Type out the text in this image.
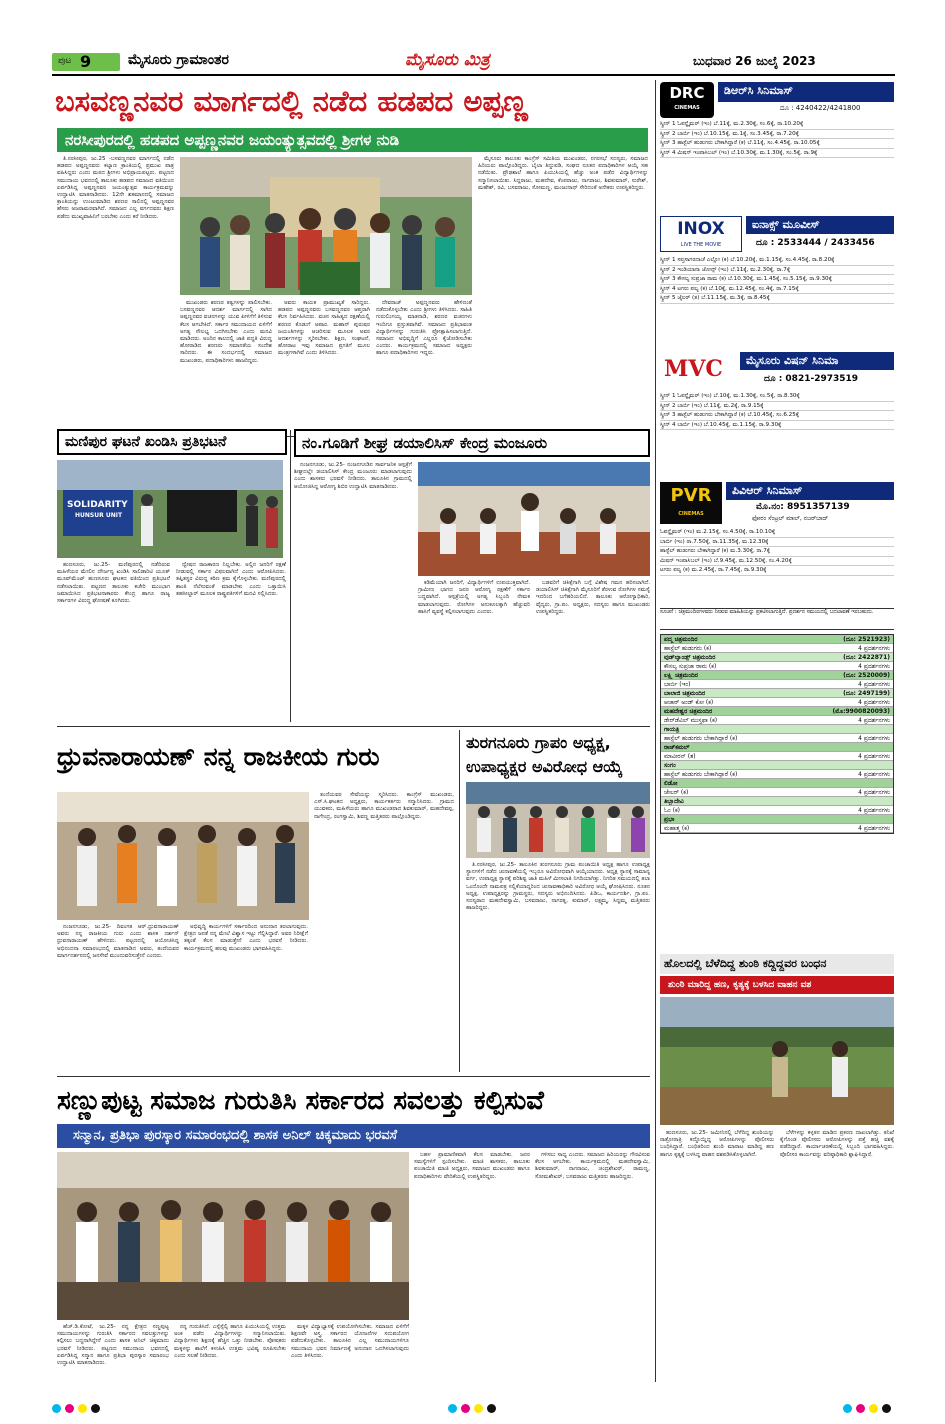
ಪುಟ 9	ಮೈಸೂರು ಗ್ರಾಮಾಂತರ	ಮೈಸೂರು ಮಿತ್ರ	ಬುಧವಾರ 26 ಜುಲೈ 2023
ಬಸವಣ್ಣನವರ ಮಾರ್ಗದಲ್ಲಿ ನಡೆದ ಹಡಪದ ಅಪ್ಪಣ್ಣ
ನರಸೀಪುರದಲ್ಲಿ ಹಡಪದ ಅಪ್ಪಣ್ಣನವರ ಜಯಂತ್ಯುತ್ಸವದಲ್ಲಿ ಶ್ರೀಗಳ ನುಡಿ

ತಿ.ನರಸೀಪುರ, ಜು.25 -ಬಸವಣ್ಣನವರ ಮಾರ್ಗದಲ್ಲಿ ನಡೆದ ಹಡಪದ ಅಪ್ಪಣ್ಣನವರು ಕಲ್ಯಾಣ ಕ್ರಾಂತಿಯಲ್ಲಿ ಪ್ರಮುಖ ಪಾತ್ರ ವಹಿಸಿದ್ದರು ಎಂದು ಮಠದ ಶ್ರೀಗಳು ಅಭಿಪ್ರಾಯಪಟ್ಟರು. ಪಟ್ಟಣದ ಸಮುದಾಯ ಭವನದಲ್ಲಿ ತಾಲೂಕು ಹಡಪದ ಸಮಾಜದ ವತಿಯಿಂದ ಏರ್ಪಡಿಸಿದ್ದ ಅಪ್ಪಣ್ಣನವರ ಜಯಂತ್ಯುತ್ಸವ ಕಾರ್ಯಕ್ರಮವನ್ನು ಉದ್ಘಾಟಿಸಿ ಮಾತನಾಡಿದರು. 12ನೇ ಶತಮಾನದಲ್ಲಿ ಸಮಾಜದ ಕ್ರಾಂತಿಯನ್ನು ಉಂಟುಮಾಡಿದ ಶರಣರ ಸಾಲಿನಲ್ಲಿ ಅಪ್ಪಣ್ಣನವರ ಹೆಸರು ಅಜರಾಮರವಾಗಿದೆ. ಸಮಾಜದ ಎಲ್ಲ ವರ್ಗದವರು ಶಿಕ್ಷಣ ಪಡೆದು ಮುಖ್ಯವಾಹಿನಿಗೆ ಬರಬೇಕು ಎಂದು ಕರೆ ನೀಡಿದರು.

ಮುಖಂಡರು ಶರಣರ ತತ್ವಗಳನ್ನು ಪಾಲಿಸಬೇಕು. ಬಸವಣ್ಣನವರ ಆದರ್ಶ ಮಾರ್ಗದಲ್ಲಿ ಸಾಗಿದ ಅಪ್ಪಣ್ಣನವರ ವಚನಗಳನ್ನು ಯುವ ಪೀಳಿಗೆಗೆ ತಿಳಿಸುವ ಕೆಲಸ ಆಗಬೇಕಿದೆ. ಸರ್ಕಾರ ಸಮುದಾಯದ ಏಳಿಗೆಗೆ ಅಗತ್ಯ ಸೌಲಭ್ಯ ಒದಗಿಸಬೇಕು ಎಂದು ಮನವಿ ಮಾಡಿದರು. ಅಂದಿನ ಕಾಲದಲ್ಲಿ ಜಾತಿ ಪದ್ಧತಿ ವಿರುದ್ಧ ಹೋರಾಡಿದ ಶರಣರು ಸಮಾನತೆಯ ಸಂದೇಶ ಸಾರಿದರು. ಈ ಸಂದರ್ಭದಲ್ಲಿ ಸಮಾಜದ ಮುಖಂಡರು, ಪದಾಧಿಕಾರಿಗಳು ಹಾಜರಿದ್ದರು.

ಅವರು ಕಾಯಕ ಪ್ರಾಮುಖ್ಯತೆ ಸಾರಿದ್ದರು. ಹಡಪದ ಅಪ್ಪಣ್ಣನವರು ಬಸವಣ್ಣನವರ ಆಪ್ತರಾಗಿ ಕೆಲಸ ನಿರ್ವಹಿಸಿದರು. ವಚನ ಸಾಹಿತ್ಯದ ರಕ್ಷಣೆಯಲ್ಲಿ ಶರಣರ ಕೊಡುಗೆ ಅಪಾರ. ಮಹಾನ್ ಪುರುಷರ ಜಯಂತಿಗಳನ್ನು ಆಚರಿಸುವ ಮೂಲಕ ಅವರ ಆದರ್ಶಗಳನ್ನು ಸ್ಮರಿಸಬೇಕು. ಶಿಕ್ಷಣ, ಸಂಘಟನೆ, ಹೋರಾಟ ಇವು ಸಮಾಜದ ಪ್ರಗತಿಗೆ ಮೂಲ ಮಂತ್ರಗಳಾಗಿವೆ ಎಂದು ತಿಳಿಸಿದರು.

ದೇವರಾಜ್ ಅಪ್ಪಣ್ಣನವರು ಹೇಳಿದಂತೆ ನಡೆದುಕೊಳ್ಳಬೇಕು ಎಂದು ಶ್ರೀಗಳು ತಿಳಿಸಿದರು. ಸಾಹಿತಿ ಗುರುಲಿಂಗಯ್ಯ ಮಾತನಾಡಿ, ಶರಣರ ವಚನಗಳು ಇಂದಿಗೂ ಪ್ರಸ್ತುತವಾಗಿವೆ. ಸಮಾಜದ ಪ್ರತಿಭಾವಂತ ವಿದ್ಯಾರ್ಥಿಗಳನ್ನು ಗುರುತಿಸಿ ಪ್ರೋತ್ಸಾಹಿಸಲಾಗುತ್ತಿದೆ. ಸಮಾಜದ ಅಭಿವೃದ್ಧಿಗೆ ಎಲ್ಲರೂ ಕೈಜೋಡಿಸಬೇಕು ಎಂದರು. ಕಾರ್ಯಕ್ರಮದಲ್ಲಿ ಸಮಾಜದ ಅಧ್ಯಕ್ಷರು ಹಾಗೂ ಪದಾಧಿಕಾರಿಗಳು ಇದ್ದರು.

ಮೈಸೂರು ತಾಲೂಕು ಕಾಂಗ್ರೆಸ್ ಸಮಿತಿಯ ಮುಖಂಡರು, ನಗರಸಭೆ ಸದಸ್ಯರು, ಸಮಾಜದ ಹಿರಿಯರು ಪಾಲ್ಗೊಂಡಿದ್ದರು. ಬೈಲಾ ತಿದ್ದುಪಡಿ, ಸಂಘದ ನೂತನ ಪದಾಧಿಕಾರಿಗಳ ಆಯ್ಕೆ ಸಹ ನಡೆಯಿತು. ಪ್ರೌಢಶಾಲೆ ಹಾಗೂ ಪಿಯುಸಿಯಲ್ಲಿ ಹೆಚ್ಚು ಅಂಕ ಪಡೆದ ವಿದ್ಯಾರ್ಥಿಗಳನ್ನು ಸನ್ಮಾನಿಸಲಾಯಿತು. ಸಿದ್ದರಾಜು, ಮಹದೇವ, ಕೆಂಪರಾಜು, ನಾಗರಾಜು, ಶಿವಕುಮಾರ್, ಸುರೇಶ್, ಮಹೇಶ್, ರವಿ, ಬಸವರಾಜು, ಸೋಮಣ್ಣ, ಮಂಜುನಾಥ್ ಸೇರಿದಂತೆ ಅನೇಕರು ಉಪಸ್ಥಿತರಿದ್ದರು.

ಮಣಿಪುರ ಘಟನೆ ಖಂಡಿಸಿ ಪ್ರತಿಭಟನೆ
SOLIDARITY
HUNSUR UNIT

ಹುಣಸೂರು, ಜು.25- ಮಣಿಪುರದಲ್ಲಿ ನಡೆದಿರುವ ಮಹಿಳೆಯರ ಮೇಲಿನ ದೌರ್ಜನ್ಯ ಖಂಡಿಸಿ ಸಾಲಿಡಾರಿಟಿ ಯೂತ್ ಮೂವ್‌ಮೆಂಟ್ ಹುಣಸೂರು ಘಟಕದ ವತಿಯಿಂದ ಪ್ರತಿಭಟನೆ ನಡೆಸಲಾಯಿತು. ಪಟ್ಟಣದ ತಾಲೂಕು ಕಚೇರಿ ಮುಂಭಾಗ ಜಮಾಯಿಸಿದ ಪ್ರತಿಭಟನಾಕಾರರು ಕೇಂದ್ರ ಹಾಗೂ ರಾಜ್ಯ ಸರ್ಕಾರಗಳ ವಿರುದ್ಧ ಘೋಷಣೆ ಕೂಗಿದರು.

ದ್ವೇಷದ ರಾಜಕಾರಣ ನಿಲ್ಲಬೇಕು. ಅಲ್ಲಿನ ಜನರಿಗೆ ರಕ್ಷಣೆ ನೀಡುವಲ್ಲಿ ಸರ್ಕಾರ ವಿಫಲವಾಗಿದೆ ಎಂದು ಆರೋಪಿಸಿದರು. ತಪ್ಪಿತಸ್ಥರ ವಿರುದ್ಧ ಕಠಿಣ ಕ್ರಮ ಕೈಗೊಳ್ಳಬೇಕು. ಮಣಿಪುರದಲ್ಲಿ ಶಾಂತಿ ನೆಲೆಸುವಂತೆ ಮಾಡಬೇಕು ಎಂದು ಒತ್ತಾಯಿಸಿ ತಹಸೀಲ್ದಾರ್ ಮೂಲಕ ರಾಷ್ಟ್ರಪತಿಗಳಿಗೆ ಮನವಿ ಸಲ್ಲಿಸಿದರು.

ನಂ.ಗೂಡಿಗೆ ಶೀಘ್ರ ಡಯಾಲಿಸಿಸ್ ಕೇಂದ್ರ ಮಂಜೂರು

ನಂಜನಗೂಡು, ಜು.25- ನಂಜನಗೂಡಿನ ಸಾರ್ವಜನಿಕ ಆಸ್ಪತ್ರೆಗೆ ಶೀಘ್ರದಲ್ಲೇ ಡಯಾಲಿಸಿಸ್ ಕೇಂದ್ರ ಮಂಜೂರು ಮಾಡಲಾಗುವುದು ಎಂದು ಶಾಸಕರು ಭರವಸೆ ನೀಡಿದರು. ತಾಲೂಕಿನ ಗ್ರಾಮದಲ್ಲಿ ಆಯೋಜಿಸಿದ್ದ ಆರೋಗ್ಯ ಶಿಬಿರ ಉದ್ಘಾಟಿಸಿ ಮಾತನಾಡಿದರು.

ಕಡಿಮೆಯಾಗಿ ಜನರಿಗೆ, ವಿದ್ಯಾರ್ಥಿಗಳಿಗೆ ಉಪಯುಕ್ತವಾಗಿದೆ. ಗ್ರಾಮೀಣ ಭಾಗದ ಜನರ ಆರೋಗ್ಯ ರಕ್ಷಣೆಗೆ ಸರ್ಕಾರ ಬದ್ಧವಾಗಿದೆ. ಆಸ್ಪತ್ರೆಯಲ್ಲಿ ಅಗತ್ಯ ಸಿಬ್ಬಂದಿ ನೇಮಕ ಮಾಡಲಾಗುವುದು. ರೋಗಿಗಳ ಅನುಕೂಲಕ್ಕಾಗಿ ಹೆಚ್ಚುವರಿ ಹಾಸಿಗೆ ವ್ಯವಸ್ಥೆ ಕಲ್ಪಿಸಲಾಗುವುದು ಎಂದರು.

ಬಡವರಿಗೆ ಚಿಕಿತ್ಸೆಗಾಗಿ ಬಗ್ಗೆ ವಿಶೇಷ ಗಮನ ಹರಿಸಲಾಗಿದೆ. ಡಯಾಲಿಸಿಸ್ ಚಿಕಿತ್ಸೆಗಾಗಿ ಮೈಸೂರಿಗೆ ತೆರಳುವ ರೋಗಿಗಳ ಸಮಸ್ಯೆ ಇದರಿಂದ ಬಗೆಹರಿಯಲಿದೆ. ತಾಲೂಕು ಆರೋಗ್ಯಾಧಿಕಾರಿ, ವೈದ್ಯರು, ಗ್ರಾ.ಪಂ. ಅಧ್ಯಕ್ಷರು, ಸದಸ್ಯರು ಹಾಗೂ ಮುಖಂಡರು ಉಪಸ್ಥಿತರಿದ್ದರು.

ಧ್ರುವನಾರಾಯಣ್ ನನ್ನ ರಾಜಕೀಯ ಗುರು

ನಂಜನಗೂಡು, ಜು.25- ದಿವಂಗತ ಆರ್.ಧ್ರುವನಾರಾಯಣ್ ಅವರು ನನ್ನ ರಾಜಕೀಯ ಗುರು ಎಂದು ಶಾಸಕ ದರ್ಶನ್ ಧ್ರುವನಾರಾಯಣ್ ಹೇಳಿದರು. ಪಟ್ಟಣದಲ್ಲಿ ಆಯೋಜಿಸಿದ್ದ ಅಭಿನಂದನಾ ಸಮಾರಂಭದಲ್ಲಿ ಮಾತನಾಡಿದ ಅವರು, ತಂದೆಯವರ ಮಾರ್ಗದರ್ಶನದಲ್ಲಿ ಜನಸೇವೆ ಮುಂದುವರಿಸುತ್ತೇನೆ ಎಂದರು.

ಅಭಿವೃದ್ಧಿ ಕಾರ್ಯಗಳಿಗೆ ಸರ್ಕಾರದಿಂದ ಅನುದಾನ ತರಲಾಗುವುದು. ಕ್ಷೇತ್ರದ ಜನತೆ ನನ್ನ ಮೇಲೆ ವಿಶ್ವಾಸ ಇಟ್ಟು ಗೆಲ್ಲಿಸಿದ್ದಾರೆ. ಅವರ ನಿರೀಕ್ಷೆಗೆ ತಕ್ಕಂತೆ ಕೆಲಸ ಮಾಡುತ್ತೇನೆ ಎಂದು ಭರವಸೆ ನೀಡಿದರು. ಕಾರ್ಯಕ್ರಮದಲ್ಲಿ ಹಲವು ಮುಖಂಡರು ಭಾಗವಹಿಸಿದ್ದರು.

ತಂದೆಯವರ ಸೇವೆಯನ್ನು ಸ್ಮರಿಸಿದರು. ಕಾಂಗ್ರೆಸ್ ಮುಖಂಡರು, ಎಸ್.ಸಿ.ಘಟಕದ ಅಧ್ಯಕ್ಷರು, ಕಾರ್ಯಕರ್ತರು ಸನ್ಮಾನಿಸಿದರು. ಗ್ರಾಮದ ಯುವಕರು, ಮಹಿಳೆಯರು ಹಾಗೂ ಮುಖಂಡರಾದ ಶಿವಕುಮಾರ್, ಮಹದೇವಪ್ಪ, ನಾಗೇಂದ್ರ, ರಂಗಸ್ವಾಮಿ, ಶಿವಣ್ಣ ಮತ್ತಿತರರು ಪಾಲ್ಗೊಂಡಿದ್ದರು.

ತುರಗನೂರು ಗ್ರಾಪಂ ಅಧ್ಯಕ್ಷ,
ಉಪಾಧ್ಯಕ್ಷರ ಅವಿರೋಧ ಆಯ್ಕೆ

ತಿ.ನರಸೀಪುರ, ಜು.25- ತಾಲೂಕಿನ ತುರಗನೂರು ಗ್ರಾಮ ಪಂಚಾಯಿತಿ ಅಧ್ಯಕ್ಷ ಹಾಗೂ ಉಪಾಧ್ಯಕ್ಷ ಸ್ಥಾನಗಳಿಗೆ ನಡೆದ ಚುನಾವಣೆಯಲ್ಲಿ ಇಬ್ಬರೂ ಅವಿರೋಧವಾಗಿ ಆಯ್ಕೆಯಾದರು. ಅಧ್ಯಕ್ಷ ಸ್ಥಾನಕ್ಕೆ ಸಾಮಾನ್ಯ ವರ್ಗ, ಉಪಾಧ್ಯಕ್ಷ ಸ್ಥಾನಕ್ಕೆ ಪರಿಶಿಷ್ಟ ಜಾತಿ ಮಹಿಳೆ ಮೀಸಲಾತಿ ನಿಗದಿಯಾಗಿತ್ತು. ನಿಗದಿತ ಸಮಯದಲ್ಲಿ ತಲಾ ಒಂದೊಂದೇ ನಾಮಪತ್ರ ಸಲ್ಲಿಕೆಯಾದ್ದರಿಂದ ಚುನಾವಣಾಧಿಕಾರಿ ಅವಿರೋಧ ಆಯ್ಕೆ ಘೋಷಿಸಿದರು. ನೂತನ ಅಧ್ಯಕ್ಷ, ಉಪಾಧ್ಯಕ್ಷರನ್ನು ಗ್ರಾಮಸ್ಥರು, ಸದಸ್ಯರು ಅಭಿನಂದಿಸಿದರು. ಪಿಡಿಒ, ಕಾರ್ಯದರ್ಶಿ, ಗ್ರಾ.ಪಂ. ಸದಸ್ಯರಾದ ಮಹದೇವಸ್ವಾಮಿ, ಬಸವರಾಜು, ನಾಗರತ್ನ, ಕುಮಾರ್, ಲಕ್ಷ್ಮಮ್ಮ, ಸಿದ್ದಮ್ಮ ಮತ್ತಿತರರು ಹಾಜರಿದ್ದರು.

ಸಣ್ಣುಪುಟ್ಟ ಸಮಾಜ ಗುರುತಿಸಿ ಸರ್ಕಾರದ ಸವಲತ್ತು ಕಲ್ಪಿಸುವೆ
ಸನ್ಮಾನ, ಪ್ರತಿಭಾ ಪುರಸ್ಕಾರ ಸಮಾರಂಭದಲ್ಲಿ ಶಾಸಕ ಅನಿಲ್ ಚಿಕ್ಕಮಾದು ಭರವಸೆ

ಹೆಚ್.ಡಿ.ಕೋಟೆ, ಜು.25- ನನ್ನ ಕ್ಷೇತ್ರದ ಸಣ್ಣಪುಟ್ಟ ಸಮುದಾಯಗಳನ್ನು ಗುರುತಿಸಿ ಸರ್ಕಾರದ ಸವಲತ್ತುಗಳನ್ನು ಕಲ್ಪಿಸಲು ಬದ್ಧನಾಗಿದ್ದೇನೆ ಎಂದು ಶಾಸಕ ಅನಿಲ್ ಚಿಕ್ಕಮಾದು ಭರವಸೆ ನೀಡಿದರು. ಪಟ್ಟಣದ ಸಮುದಾಯ ಭವನದಲ್ಲಿ ಏರ್ಪಡಿಸಿದ್ದ ಸನ್ಮಾನ ಹಾಗೂ ಪ್ರತಿಭಾ ಪುರಸ್ಕಾರ ಸಮಾರಂಭ ಉದ್ಘಾಟಿಸಿ ಮಾತನಾಡಿದರು.

ನನ್ನ ಗುರುತಿಸಿದೆ. ಎಸ್ಸೆಸ್ಸೆಲ್ಸಿ ಹಾಗೂ ಪಿಯುಸಿಯಲ್ಲಿ ಉತ್ತಮ ಅಂಕ ಪಡೆದ ವಿದ್ಯಾರ್ಥಿಗಳನ್ನು ಸನ್ಮಾನಿಸಲಾಯಿತು. ವಿದ್ಯಾರ್ಥಿಗಳು ಶಿಕ್ಷಣಕ್ಕೆ ಹೆಚ್ಚಿನ ಒತ್ತು ನೀಡಬೇಕು. ಪೋಷಕರು ಮಕ್ಕಳನ್ನು ಶಾಲೆಗೆ ಕಳುಹಿಸಿ ಉತ್ತಮ ಭವಿಷ್ಯ ರೂಪಿಸಬೇಕು ಎಂದು ಸಲಹೆ ನೀಡಿದರು.

ಮಕ್ಕಳ ವಿದ್ಯಾಭ್ಯಾಸಕ್ಕೆ ಉಪಯೋಗಿಸಬೇಕು. ಸಮಾಜದ ಏಳಿಗೆಗೆ ಶಿಕ್ಷಣವೇ ಅಸ್ತ್ರ. ಸರ್ಕಾರದ ಯೋಜನೆಗಳ ಸದುಪಯೋಗ ಪಡೆದುಕೊಳ್ಳಬೇಕು. ತಾಲೂಕಿನ ಎಲ್ಲ ಸಮುದಾಯಗಳಿಗೂ ಸಮುದಾಯ ಭವನ ನಿರ್ಮಾಣಕ್ಕೆ ಅನುದಾನ ಒದಗಿಸಲಾಗುವುದು ಎಂದು ತಿಳಿಸಿದರು.

ಬಹಳ ಪ್ರಾಮಾಣಿಕವಾಗಿ ಕೆಲಸ ಮಾಡಬೇಕು. ಜನರ ಸಮಸ್ಯೆಗಳಿಗೆ ಸ್ಪಂದಿಸಬೇಕು. ಮಾಜಿ ಶಾಸಕರು, ತಾಲೂಕು ಪಂಚಾಯಿತಿ ಮಾಜಿ ಅಧ್ಯಕ್ಷರು, ಸಮಾಜದ ಮುಖಂಡರು ಹಾಗೂ ಪದಾಧಿಕಾರಿಗಳು ವೇದಿಕೆಯಲ್ಲಿ ಉಪಸ್ಥಿತರಿದ್ದರು.

ಗಳಿಸಲು ಸಾಧ್ಯ ಎಂದರು. ಸಮಾಜದ ಹಿರಿಯರನ್ನು ಗೌರವಿಸುವ ಕೆಲಸ ಆಗಬೇಕು. ಕಾರ್ಯಕ್ರಮದಲ್ಲಿ ಮಹದೇವಸ್ವಾಮಿ, ಶಿವಕುಮಾರ್, ನಾಗರಾಜು, ಚಂದ್ರಶೇಖರ್, ರಾಮಣ್ಣ, ಸೋಮಶೇಖರ್, ಬಸವರಾಜು ಮತ್ತಿತರರು ಹಾಜರಿದ್ದರು.

DRC
CINEMAS
ಡಿಆರ್‌ಸಿ ಸಿನಿಮಾಸ್
ದೂ : 4240422/4241800
ಸ್ಕ್ರೀನ್ 1 ಓಪನ್ಹೈಮರ್ (ಇಂ) ಬೆ.11ಕ್ಕೆ, ಮ.2.30ಕ್ಕೆ, ಸಂ.6ಕ್ಕೆ, ರಾ.10.20ಕ್ಕೆ
ಸ್ಕ್ರೀನ್ 2 ಬಾರ್ಬಿ (ಇಂ) ಬೆ.10.15ಕ್ಕೆ, ಮ.1ಕ್ಕೆ, ಸಂ.3.45ಕ್ಕೆ, ರಾ.7.20ಕ್ಕೆ
ಸ್ಕ್ರೀನ್ 3 ಹಾಸ್ಟೆಲ್ ಹುಡುಗರು ಬೇಕಾಗಿದ್ದಾರೆ (ಕ) ಬೆ.11ಕ್ಕೆ, ಸಂ.4.45ಕ್ಕೆ, ರಾ.10.05ಕ್ಕೆ
ಸ್ಕ್ರೀನ್ 4 ಮಿಷನ್ ಇಂಪಾಸಿಬಲ್ (ಇಂ) ಬೆ.10.30ಕ್ಕೆ, ಮ.1.30ಕ್ಕೆ, ಸಂ.5ಕ್ಕೆ, ರಾ.9ಕ್ಕೆ
INOX
LIVE THE MOVIE
ಐನಾಕ್ಸ್ ಮೂವೀಸ್
ದೂ : 2533444 / 2433456
ಸ್ಕ್ರೀನ್ 1 ಸಪ್ತಸಾಗರದಾಚೆ ಎಲ್ಲೋ (ಕ) ಬೆ.10.20ಕ್ಕೆ, ಮ.1.15ಕ್ಕೆ, ಸಂ.4.45ಕ್ಕೆ, ರಾ.8.20ಕ್ಕೆ
ಸ್ಕ್ರೀನ್ 2 ಇಂಡಿಯಾನಾ ಜೋನ್ಸ್ (ಇಂ) ಬೆ.11ಕ್ಕೆ, ಮ.2.30ಕ್ಕೆ, ರಾ.7ಕ್ಕೆ
ಸ್ಕ್ರೀನ್ 3 ಕೌಸಲ್ಯ ಸುಪ್ರಜಾ ರಾಮ (ಕ) ಬೆ.10.30ಕ್ಕೆ, ಮ.1.45ಕ್ಕೆ, ಸಂ.5.15ಕ್ಕೆ, ರಾ.9.30ಕ್ಕೆ
ಸ್ಕ್ರೀನ್ 4 ಟಗರು ಪಲ್ಯ (ಕ) ಬೆ.10ಕ್ಕೆ, ಮ.12.45ಕ್ಕೆ, ಸಂ.4ಕ್ಕೆ, ರಾ.7.15ಕ್ಕೆ
ಸ್ಕ್ರೀನ್ 5 ಜೈಲರ್ (ತ) ಬೆ.11.15ಕ್ಕೆ, ಮ.3ಕ್ಕೆ, ರಾ.8.45ಕ್ಕೆ
MVC	ಮೈಸೂರು ವಿಷನ್ ಸಿನಿಮಾ
ದೂ : 0821-2973519
ಸ್ಕ್ರೀನ್ 1 ಓಪನ್ಹೈಮರ್ (ಇಂ) ಬೆ.10ಕ್ಕೆ, ಮ.1.30ಕ್ಕೆ, ಸಂ.5ಕ್ಕೆ, ರಾ.8.30ಕ್ಕೆ
ಸ್ಕ್ರೀನ್ 2 ಬಾರ್ಬಿ (ಇಂ) ಬೆ.11ಕ್ಕೆ, ಮ.2ಕ್ಕೆ, ರಾ.9.15ಕ್ಕೆ
ಸ್ಕ್ರೀನ್ 3 ಹಾಸ್ಟೆಲ್ ಹುಡುಗರು ಬೇಕಾಗಿದ್ದಾರೆ (ಕ) ಬೆ.10.45ಕ್ಕೆ, ಸಂ.6.25ಕ್ಕೆ
ಸ್ಕ್ರೀನ್ 4 ಬಾರ್ಬಿ (ಇಂ) ಬೆ.10.45ಕ್ಕೆ, ಮ.1.15ಕ್ಕೆ, ರಾ.9.30ಕ್ಕೆ
PVR
CINEMAS
ಪಿವಿಆರ್ ಸಿನಿಮಾಸ್
ಮೊ.ನಂ: 8951357139
ಫೋರಂ ಸೆಂಟ್ರಲ್ ಮಾಲ್, ನಜರ್‌ಬಾದ್
ಓಪನ್ಹೈಮರ್ (ಇಂ) ಮ.2.15ಕ್ಕೆ, ಸಂ.4.50ಕ್ಕೆ, ರಾ.10.10ಕ್ಕೆ
ಬಾರ್ಬಿ (ಇಂ) ರಾ.7.50ಕ್ಕೆ, ರಾ.11.35ಕ್ಕೆ, ಮ.12.30ಕ್ಕೆ
ಹಾಸ್ಟೆಲ್ ಹುಡುಗರು ಬೇಕಾಗಿದ್ದಾರೆ (ಕ) ಮ.3.30ಕ್ಕೆ, ರಾ.7ಕ್ಕೆ
ಮಿಷನ್ ಇಂಪಾಸಿಬಲ್ (ಇಂ) ಬೆ.9.45ಕ್ಕೆ, ಮ.12.50ಕ್ಕೆ, ಸಂ.4.20ಕ್ಕೆ
ಟಗರು ಪಲ್ಯ (ಕ) ಮ.2.45ಕ್ಕೆ, ರಾ.7.45ಕ್ಕೆ, ರಾ.9.30ಕ್ಕೆ
ಸೂಚನೆ : ಚಿತ್ರಮಂದಿರಗಳವರು ನೀಡುವ ಮಾಹಿತಿಯನ್ನು ಪ್ರಕಟಿಸಲಾಗುತ್ತಿದೆ. ಪ್ರದರ್ಶನ ಸಮಯದಲ್ಲಿ ಬದಲಾವಣೆ ಇರಬಹುದು.
ಪದ್ಮ ಚಿತ್ರಮಂದಿರ	(ದೂ: 2521923)
ಹಾಸ್ಟೆಲ್ ಹುಡುಗರು (ಕ)	4 ಪ್ರದರ್ಶನಗಳು
ವುಡ್‌ಲ್ಯಾಂಡ್ಸ್ ಚಿತ್ರಮಂದಿರ	(ದೂ: 2422871)
ಕೌಸಲ್ಯ ಸುಪ್ರಜಾ ರಾಮ (ಕ)	4 ಪ್ರದರ್ಶನಗಳು
ಲಕ್ಷ್ಮಿ ಚಿತ್ರಮಂದಿರ	(ದೂ: 2520009)
ಬಾರ್ಬಿ (ಇಂ)	4 ಪ್ರದರ್ಶನಗಳು
ಬಾಲಾಜಿ ಚಿತ್ರಮಂದಿರ	(ದೂ: 2497199)
ಆಚಾರ್ ಅಂಡ್ ಕೋ (ಕ)	4 ಪ್ರದರ್ಶನಗಳು
ಮಹದೇಶ್ವರ ಚಿತ್ರಮಂದಿರ	(ಮೊ:9900820093)
ಡೇರ್‌ಡೆವಿಲ್ ಮುಸ್ತಫಾ (ಕ)	4 ಪ್ರದರ್ಶನಗಳು
ಗಾಯತ್ರಿ
ಹಾಸ್ಟೆಲ್ ಹುಡುಗರು ಬೇಕಾಗಿದ್ದಾರೆ (ಕ)	4 ಪ್ರದರ್ಶನಗಳು
ರಾಜ್‌ಕಮಲ್
ಮಾವೀರನ್ (ತ)	4 ಪ್ರದರ್ಶನಗಳು
ಸಂಗಂ
ಹಾಸ್ಟೆಲ್ ಹುಡುಗರು ಬೇಕಾಗಿದ್ದಾರೆ (ಕ)	4 ಪ್ರದರ್ಶನಗಳು
ಲಿಡೋ
ಜೇಲರ್ (ಕ)	4 ಪ್ರದರ್ಶನಗಳು
ತಿಬ್ಬಾದೇವಿ
ಓಂ (ಕ)	4 ಪ್ರದರ್ಶನಗಳು
ಪ್ರಭಾ
ಮಹಾತ್ಮ (ಕ)	4 ಪ್ರದರ್ಶನಗಳು
ಹೊಲದಲ್ಲಿ ಬೆಳೆದಿದ್ದ ಶುಂಠಿ ಕದ್ದಿದ್ದವರ ಬಂಧನ
ಶುಂಠಿ ಮಾರಿದ್ದ ಹಣ, ಕೃತ್ಯಕ್ಕೆ ಬಳಸಿದ ವಾಹನ ವಶ

ಹುಣಸೂರು, ಜು.25- ಜಮೀನಿನಲ್ಲಿ ಬೆಳೆದಿದ್ದ ಶುಂಠಿಯನ್ನು ರಾತ್ರೋರಾತ್ರಿ ಕದ್ದೊಯ್ದಿದ್ದ ಆರೋಪಿಗಳನ್ನು ಪೊಲೀಸರು ಬಂಧಿಸಿದ್ದಾರೆ. ಬಂಧಿತರಿಂದ ಶುಂಠಿ ಮಾರಾಟ ಮಾಡಿದ್ದ ಹಣ ಹಾಗೂ ಕೃತ್ಯಕ್ಕೆ ಬಳಸಿದ್ದ ವಾಹನ ವಶಪಡಿಸಿಕೊಳ್ಳಲಾಗಿದೆ.

ಬೆಳೆಗಳನ್ನು ಕಳ್ಳತನ ಮಾಡಿದ ಪ್ರಕರಣ ದಾಖಲಾಗಿತ್ತು. ತನಿಖೆ ಕೈಗೊಂಡ ಪೊಲೀಸರು ಆರೋಪಿಗಳನ್ನು ಪತ್ತೆ ಹಚ್ಚಿ ವಶಕ್ಕೆ ಪಡೆದಿದ್ದಾರೆ. ಕಾರ್ಯಾಚರಣೆಯಲ್ಲಿ ಸಿಬ್ಬಂದಿ ಭಾಗವಹಿಸಿದ್ದರು. ಪೊಲೀಸರ ಕಾರ್ಯವನ್ನು ವರಿಷ್ಠಾಧಿಕಾರಿ ಶ್ಲಾಘಿಸಿದ್ದಾರೆ.
